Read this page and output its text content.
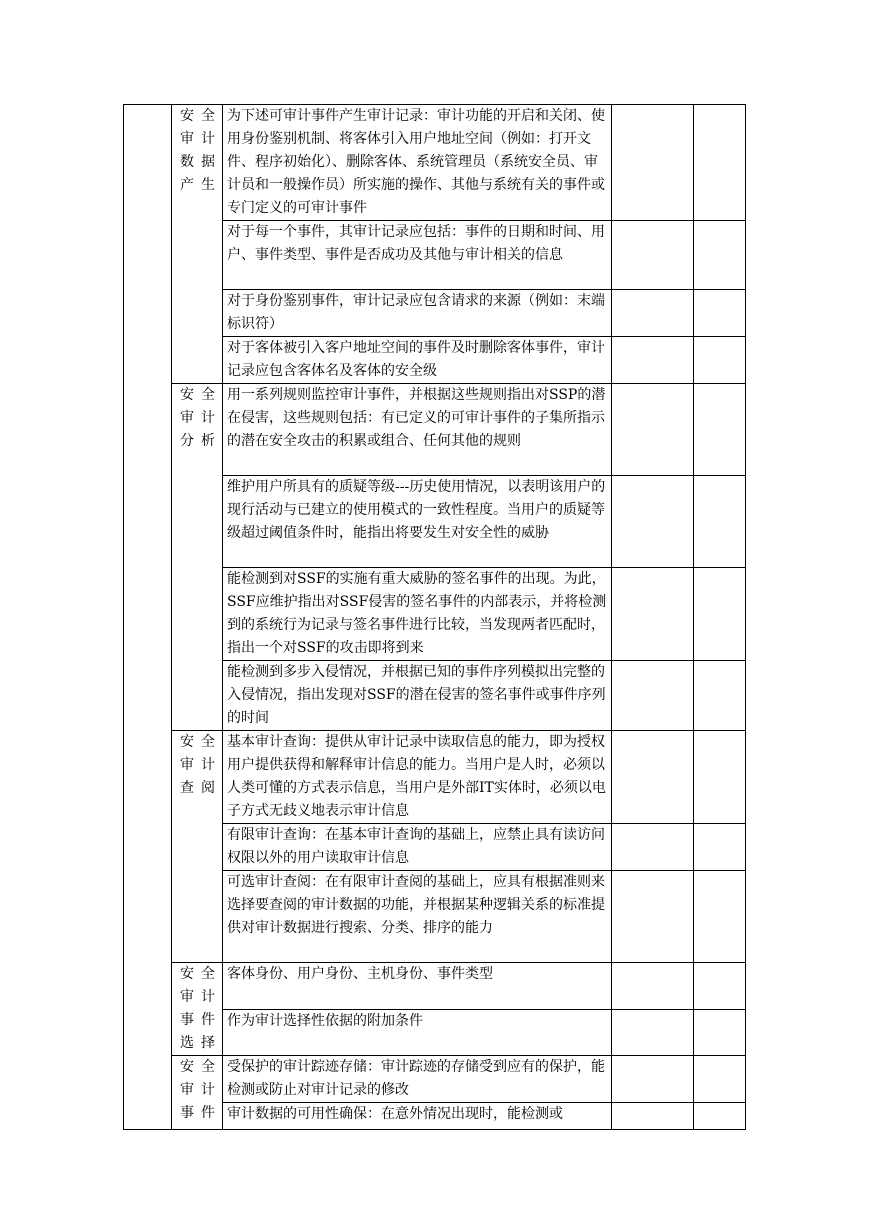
	安全审计数据产生	为下述可审计事件产生审计记录：审计功能的开启和关闭、使用身份鉴别机制、将客体引入用户地址空间（例如：打开文件、程序初始化）、删除客体、系统管理员（系统安全员、审计员和一般操作员）所实施的操作、其他与系统有关的事件或专门定义的可审计事件		
		对于每一个事件，其审计记录应包括：事件的日期和时间、用户、事件类型、事件是否成功及其他与审计相关的信息		
		对于身份鉴别事件，审计记录应包含请求的来源（例如：末端标识符）		
		对于客体被引入客户地址空间的事件及时删除客体事件，审计记录应包含客体名及客体的安全级		
	安全审计分析	用一系列规则监控审计事件，并根据这些规则指出对SSP的潜在侵害，这些规则包括：有已定义的可审计事件的子集所指示的潜在安全攻击的积累或组合、任何其他的规则		
		维护用户所具有的质疑等级---历史使用情况，以表明该用户的现行活动与已建立的使用模式的一致性程度。当用户的质疑等级超过阈值条件时，能指出将要发生对安全性的威胁		
		能检测到对SSF的实施有重大威胁的签名事件的出现。为此，SSF应维护指出对SSF侵害的签名事件的内部表示，并将检测到的系统行为记录与签名事件进行比较，当发现两者匹配时，指出一个对SSF的攻击即将到来		
		能检测到多步入侵情况，并根据已知的事件序列模拟出完整的入侵情况，指出发现对SSF的潜在侵害的签名事件或事件序列的时间		
	安全审计查阅	基本审计查询：提供从审计记录中读取信息的能力，即为授权用户提供获得和解释审计信息的能力。当用户是人时，必须以人类可懂的方式表示信息，当用户是外部IT实体时，必须以电子方式无歧义地表示审计信息		
		有限审计查询：在基本审计查询的基础上，应禁止具有读访问权限以外的用户读取审计信息		
		可选审计查阅：在有限审计查阅的基础上，应具有根据准则来选择要查阅的审计数据的功能，并根据某种逻辑关系的标准提供对审计数据进行搜索、分类、排序的能力		
	安全审计事件选择	客体身份、用户身份、主机身份、事件类型		
		作为审计选择性依据的附加条件		
	安全审计事件	受保护的审计踪迹存储：审计踪迹的存储受到应有的保护，能检测或防止对审计记录的修改		
		审计数据的可用性确保：在意外情况出现时，能检测或		
